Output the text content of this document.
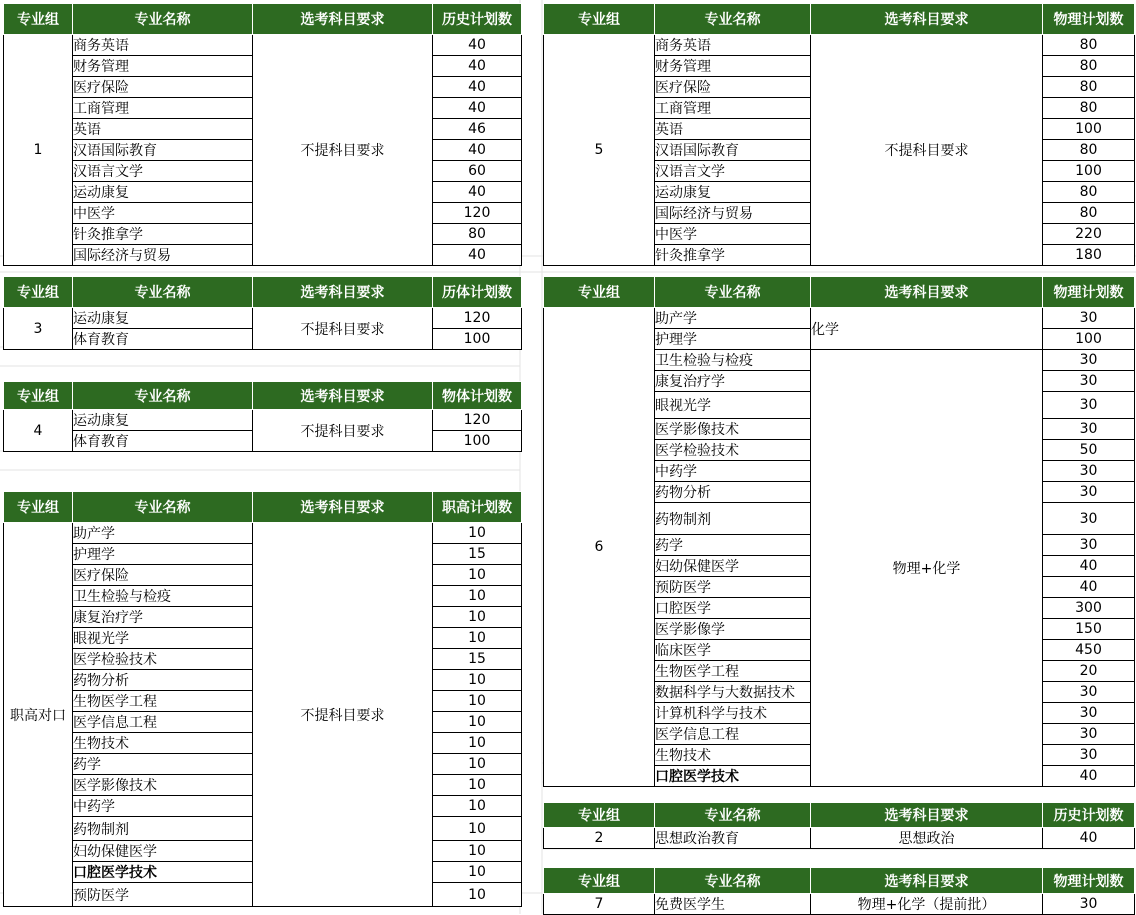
专业组	专业名称	选考科目要求	历史计划数
1	商务英语	不提科目要求	40
	财务管理		40
	医疗保险		40
	工商管理		40
	英语		46
	汉语国际教育		40
	汉语言文学		60
	运动康复		40
	中医学		120
	针灸推拿学		80
	国际经济与贸易		40
专业组	专业名称	选考科目要求	历体计划数
3	运动康复	不提科目要求	120
	体育教育		100
专业组	专业名称	选考科目要求	物体计划数
4	运动康复	不提科目要求	120
	体育教育		100
专业组	专业名称	选考科目要求	职高计划数
职高对口	助产学	不提科目要求	10
	护理学		15
	医疗保险		10
	卫生检验与检疫		10
	康复治疗学		10
	眼视光学		10
	医学检验技术		15
	药物分析		10
	生物医学工程		10
	医学信息工程		10
	生物技术		10
	药学		10
	医学影像技术		10
	中药学		10
	药物制剂		10
	妇幼保健医学		10
	口腔医学技术		10
	预防医学		10
专业组	专业名称	选考科目要求	物理计划数
5	商务英语	不提科目要求	80
	财务管理		80
	医疗保险		80
	工商管理		80
	英语		100
	汉语国际教育		80
	汉语言文学		100
	运动康复		80
	国际经济与贸易		80
	中医学		220
	针灸推拿学		180
专业组	专业名称	选考科目要求	物理计划数
6	助产学	化学	30
	护理学		100
	卫生检验与检疫	物理+化学	30
	康复治疗学		30
	眼视光学		30
	医学影像技术		30
	医学检验技术		50
	中药学		30
	药物分析		30
	药物制剂		30
	药学		30
	妇幼保健医学		40
	预防医学		40
	口腔医学		300
	医学影像学		150
	临床医学		450
	生物医学工程		20
	数据科学与大数据技术		30
	计算机科学与技术		30
	医学信息工程		30
	生物技术		30
	口腔医学技术		40
专业组	专业名称	选考科目要求	历史计划数
2	思想政治教育	思想政治	40
专业组	专业名称	选考科目要求	物理计划数
7	免费医学生	物理+化学（提前批）	30
